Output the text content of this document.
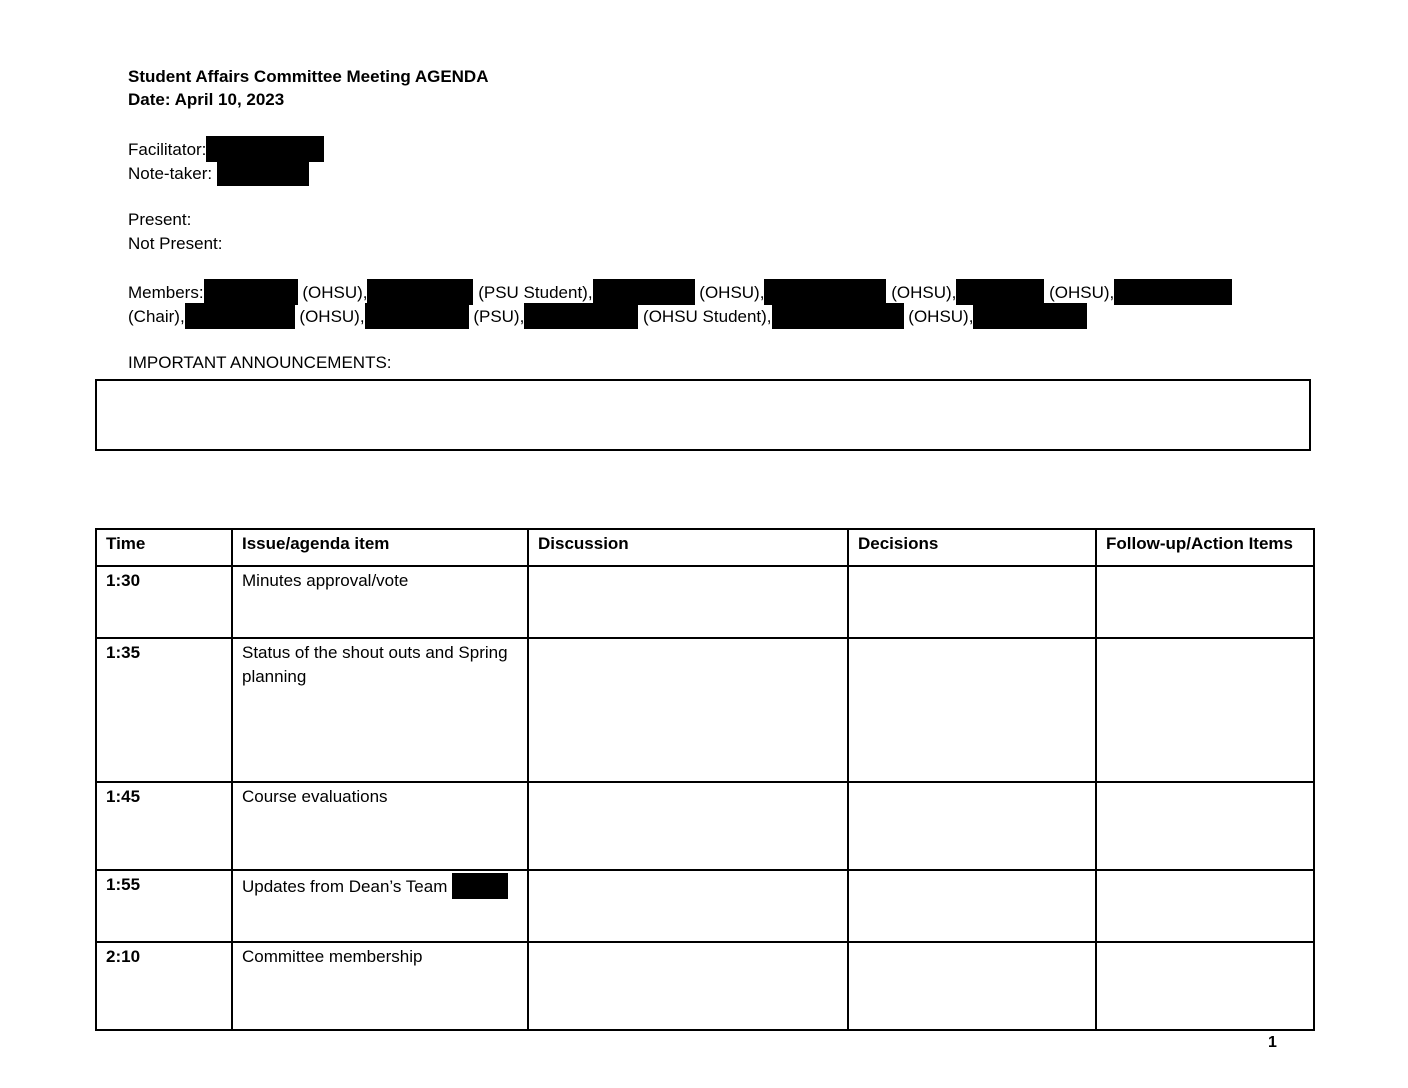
Student Affairs Committee Meeting AGENDA
Date: April 10, 2023
Facilitator:
Note-taker:
Present:
Not Present:
Members:	(OHSU),	(PSU Student),	(OHSU),	(OHSU),	(OHSU),
(Chair),	(OHSU),	(PSU),	(OHSU Student),	(OHSU),
IMPORTANT ANNOUNCEMENTS:
Time	Issue/agenda item	Discussion	Decisions	Follow-up/Action Items
1:30	Minutes approval/vote			
1:35	Status of the shout outs and Spring planning			
1:45	Course evaluations			
1:55	Updates from Dean’s Team			
2:10	Committee membership			
1
